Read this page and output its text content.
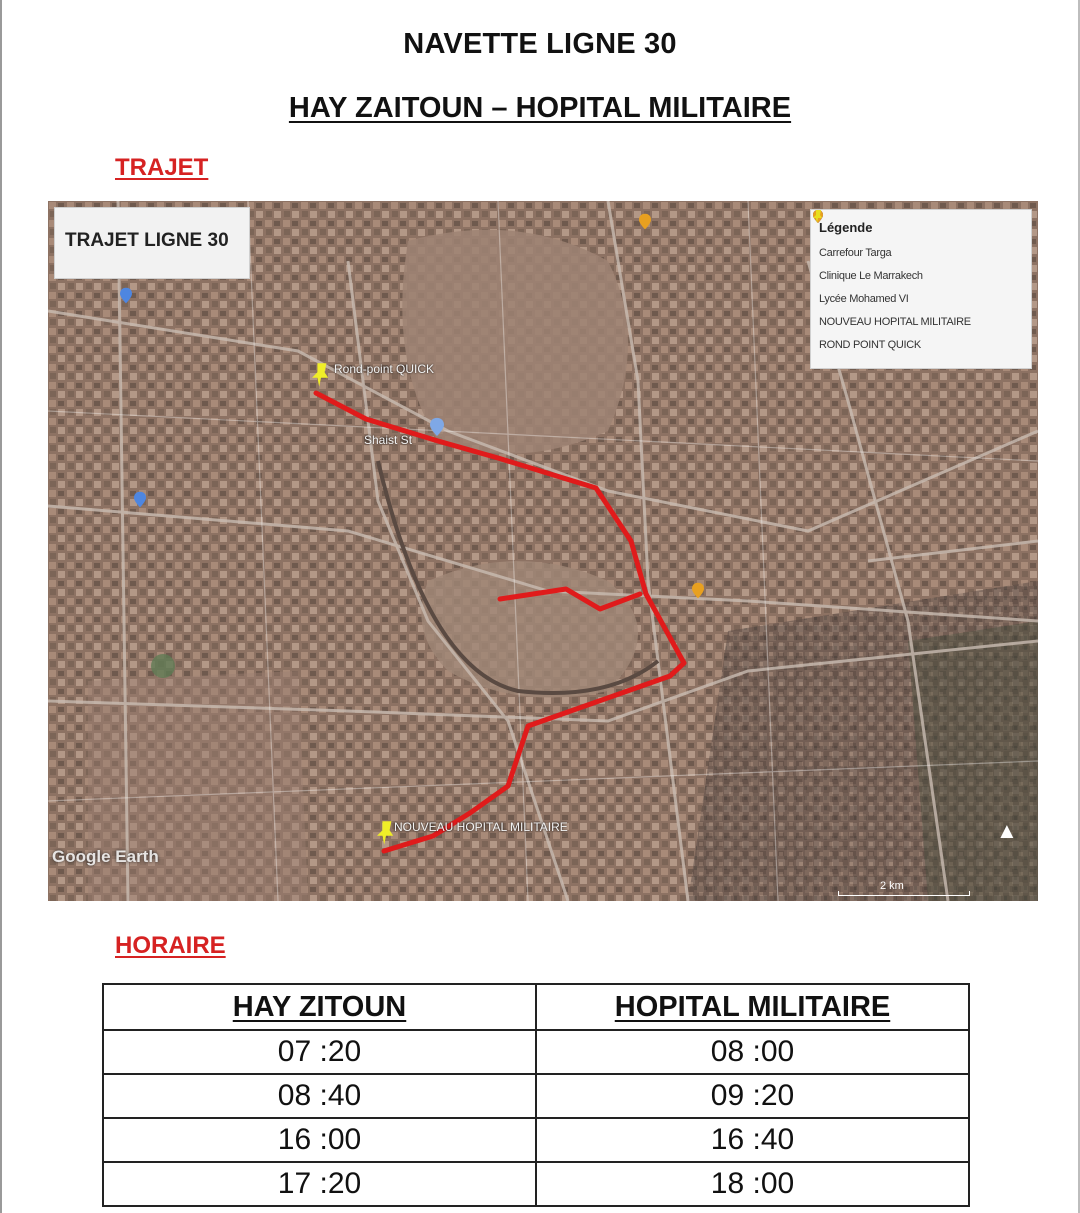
NAVETTE LIGNE 30
HAY ZAITOUN – HOPITAL MILITAIRE
TRAJET
TRAJET LIGNE 30
Légende
Carrefour Targa
Clinique Le Marrakech
Lycée Mohamed VI
NOUVEAU HOPITAL MILITAIRE
ROND POINT QUICK
Rond-point QUICK
Shaist St
NOUVEAU HOPITAL MILITAIRE
Google Earth
2 km
▲
HORAIRE
HAY ZITOUN	HOPITAL MILITAIRE
07 :20	08 :00
08 :40	09 :20
16 :00	16 :40
17 :20	18 :00
